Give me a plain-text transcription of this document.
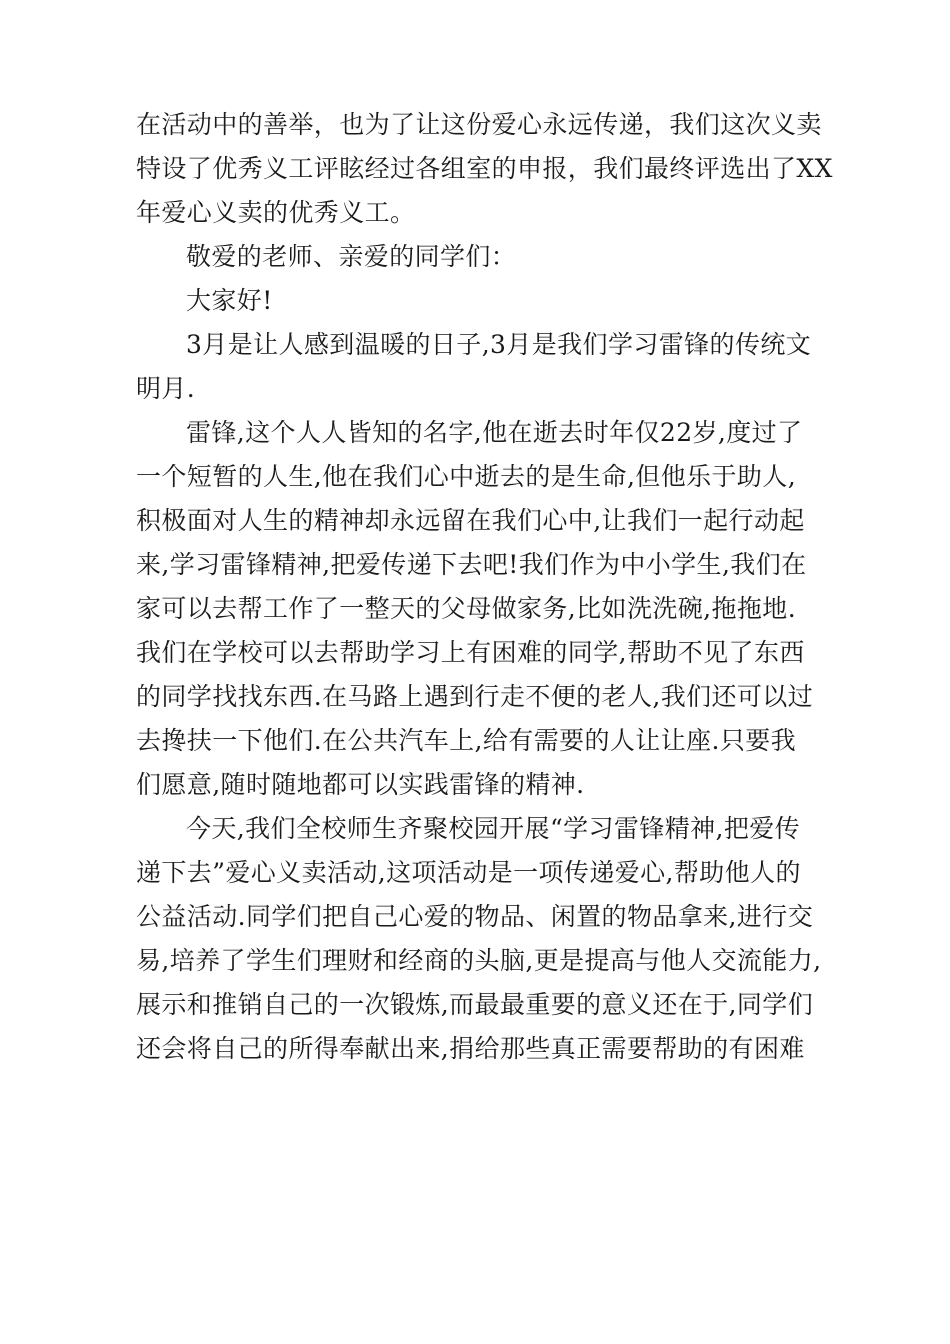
在活动中的善举，也为了让这份爱心永远传递，我们这次义卖
特设了优秀义工评眩经过各组室的申报，我们最终评选出了XX
年爱心义卖的优秀义工。
敬爱的老师、亲爱的同学们：
大家好!
3月是让人感到温暖的日子,3月是我们学习雷锋的传统文
明月.
雷锋,这个人人皆知的名字,他在逝去时年仅22岁,度过了
一个短暂的人生,他在我们心中逝去的是生命,但他乐于助人,
积极面对人生的精神却永远留在我们心中,让我们一起行动起
来,学习雷锋精神,把爱传递下去吧!我们作为中小学生,我们在
家可以去帮工作了一整天的父母做家务,比如洗洗碗,拖拖地.
我们在学校可以去帮助学习上有困难的同学,帮助不见了东西
的同学找找东西.在马路上遇到行走不便的老人,我们还可以过
去搀扶一下他们.在公共汽车上,给有需要的人让让座.只要我
们愿意,随时随地都可以实践雷锋的精神.
今天,我们全校师生齐聚校园开展“学习雷锋精神,把爱传
递下去”爱心义卖活动,这项活动是一项传递爱心,帮助他人的
公益活动.同学们把自己心爱的物品、闲置的物品拿来,进行交
易,培养了学生们理财和经商的头脑,更是提高与他人交流能力,
展示和推销自己的一次锻炼,而最最重要的意义还在于,同学们
还会将自己的所得奉献出来,捐给那些真正需要帮助的有困难
